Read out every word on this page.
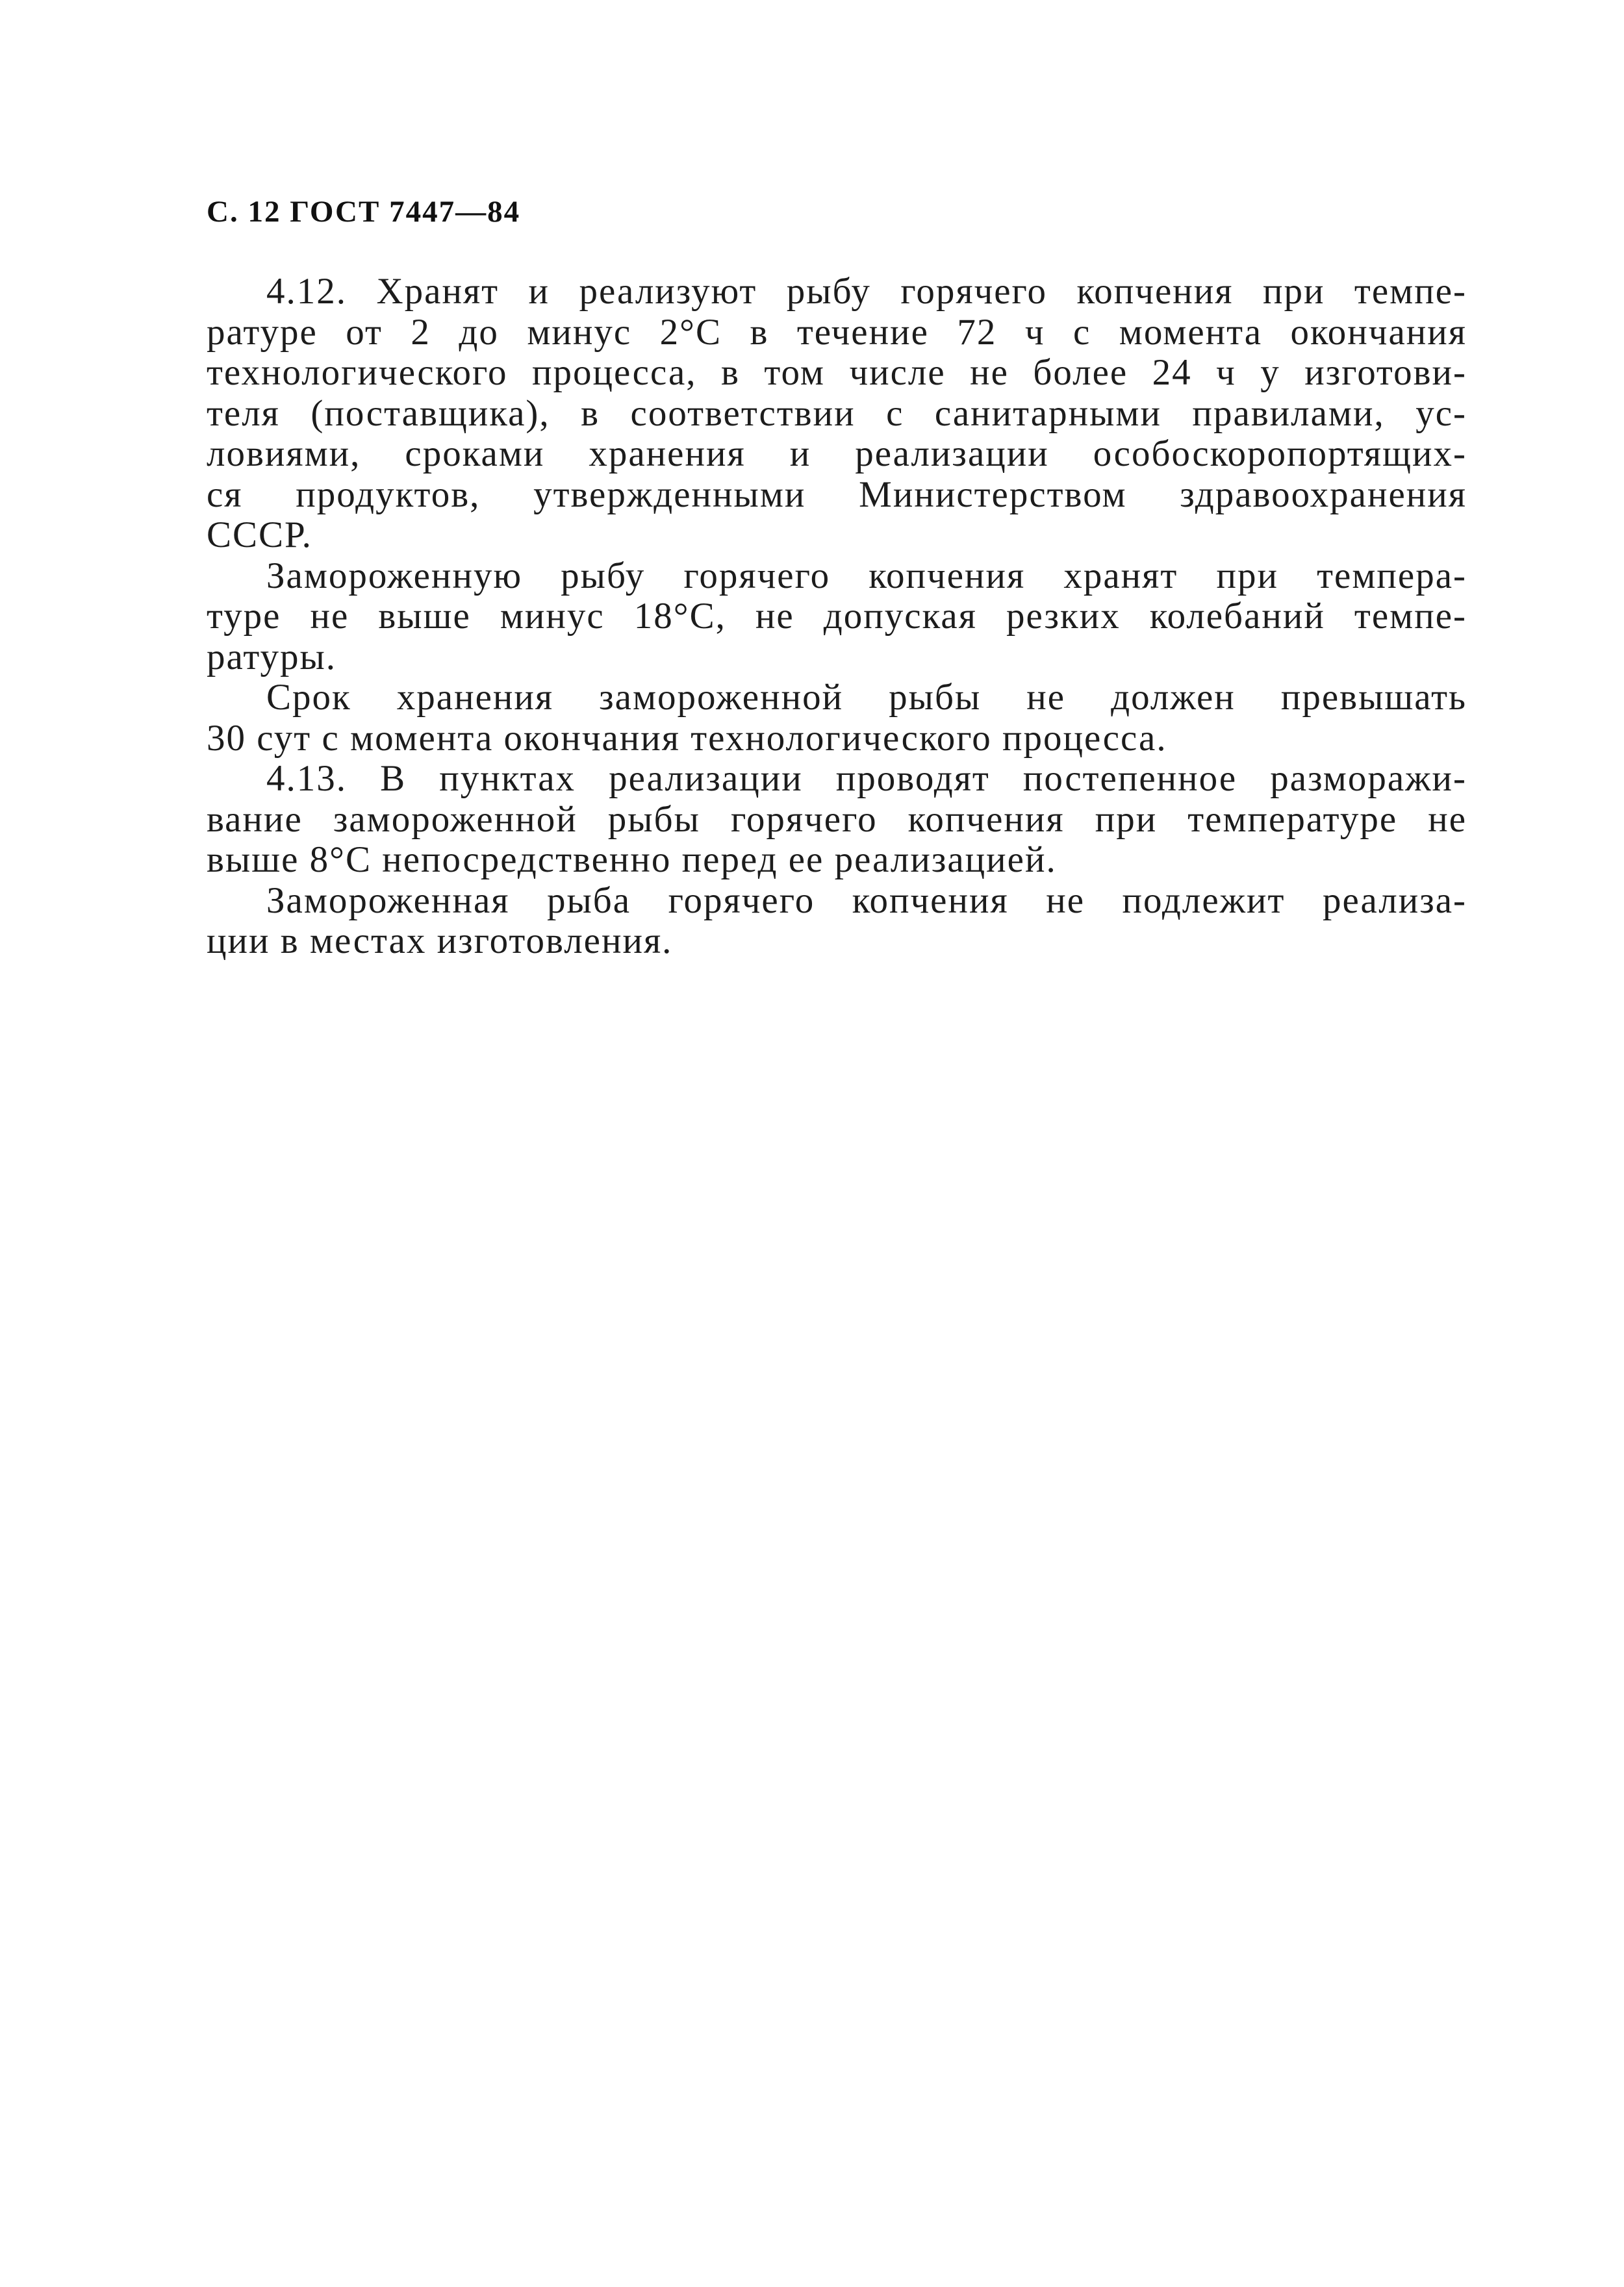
С. 12 ГОСТ 7447—84

4.12. Хранят и реализуют рыбу горячего копчения при темпе-
ратуре от 2 до минус 2°С в течение 72 ч с момента окончания
технологического процесса, в том числе не более 24 ч у изготови-
теля (поставщика), в соответствии с санитарными правилами, ус-
ловиями, сроками хранения и реализации особоскоропортящих-
ся продуктов, утвержденными Министерством здравоохранения
СССР.

Замороженную рыбу горячего копчения хранят при темпера-
туре не выше минус 18°С, не допуская резких колебаний темпе-
ратуры.

Срок хранения замороженной рыбы не должен превышать
30 сут с момента окончания технологического процесса.

4.13. В пунктах реализации проводят постепенное разморажи-
вание замороженной рыбы горячего копчения при температуре не
выше 8°С непосредственно перед ее реализацией.

Замороженная рыба горячего копчения не подлежит реализа-
ции в местах изготовления.
